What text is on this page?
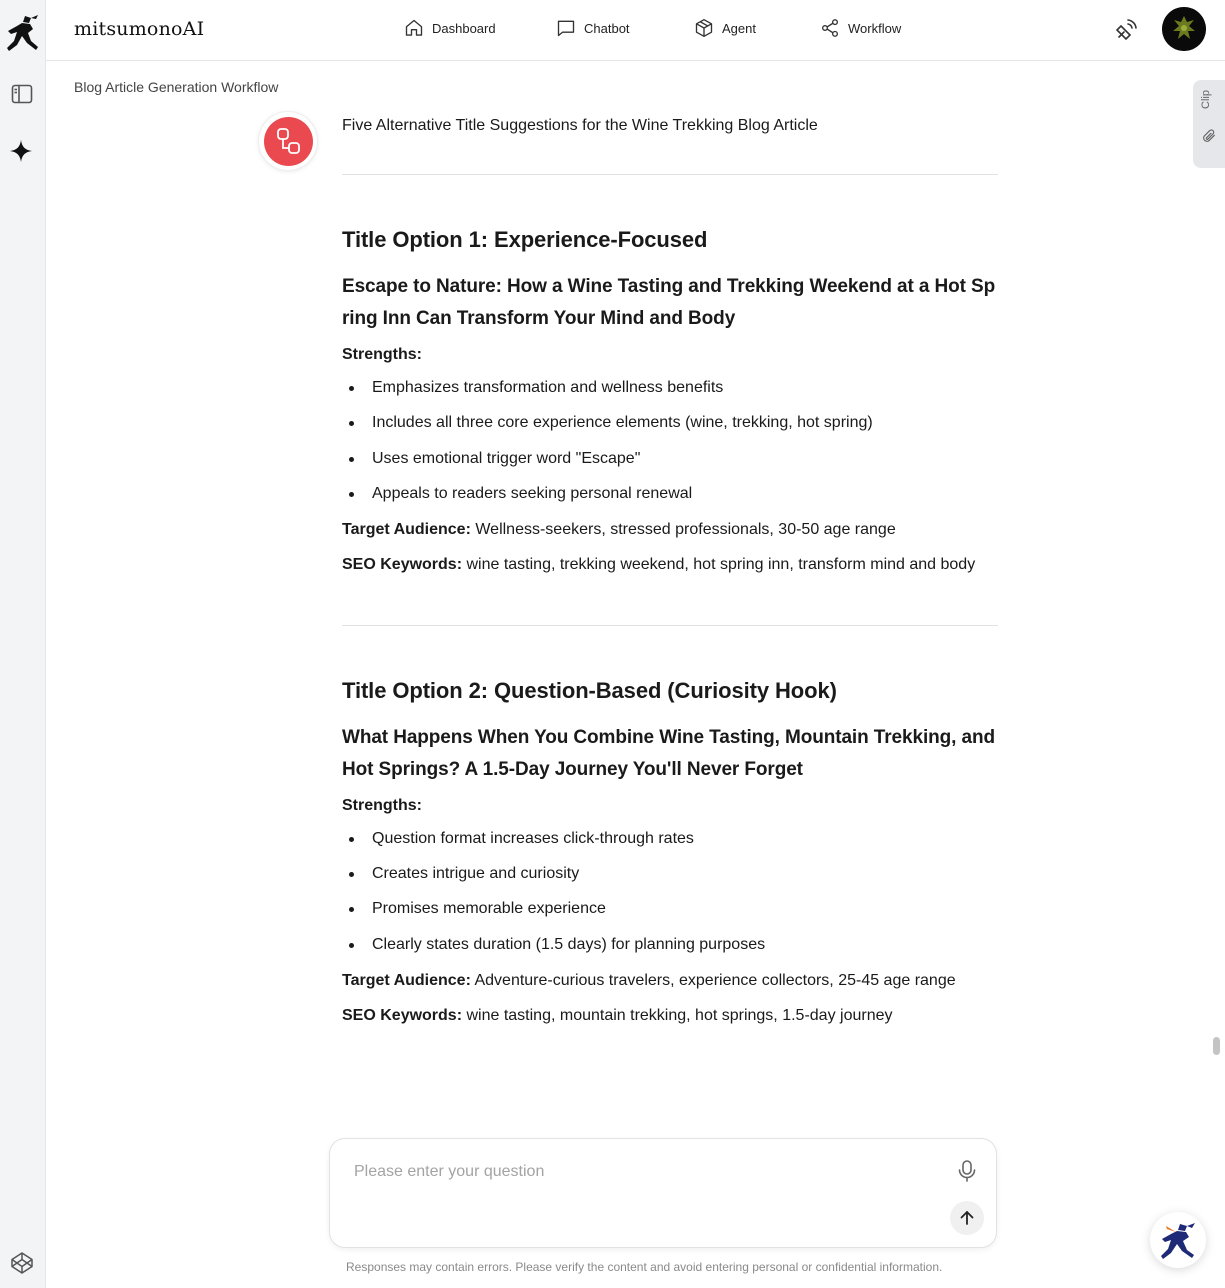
mitsumonoAI	Dashboard	Chatbot	Agent	Workflow
Blog Article Generation Workflow
Clip
Five Alternative Title Suggestions for the Wine Trekking Blog Article
Title Option 1: Experience-Focused
Escape to Nature: How a Wine Tasting and Trekking Weekend at a Hot Spring Inn Can Transform Your Mind and Body
Strengths:
Emphasizes transformation and wellness benefits
Includes all three core experience elements (wine, trekking, hot spring)
Uses emotional trigger word "Escape"
Appeals to readers seeking personal renewal

Target Audience: Wellness-seekers, stressed professionals, 30-50 age range

SEO Keywords: wine tasting, trekking weekend, hot spring inn, transform mind and body

Title Option 2: Question-Based (Curiosity Hook)
What Happens When You Combine Wine Tasting, Mountain Trekking, and Hot Springs? A 1.5-Day Journey You'll Never Forget
Strengths:
Question format increases click-through rates
Creates intrigue and curiosity
Promises memorable experience
Clearly states duration (1.5 days) for planning purposes

Target Audience: Adventure-curious travelers, experience collectors, 25-45 age range

SEO Keywords: wine tasting, mountain trekking, hot springs, 1.5-day journey

Please enter your question
Responses may contain errors. Please verify the content and avoid entering personal or confidential information.
